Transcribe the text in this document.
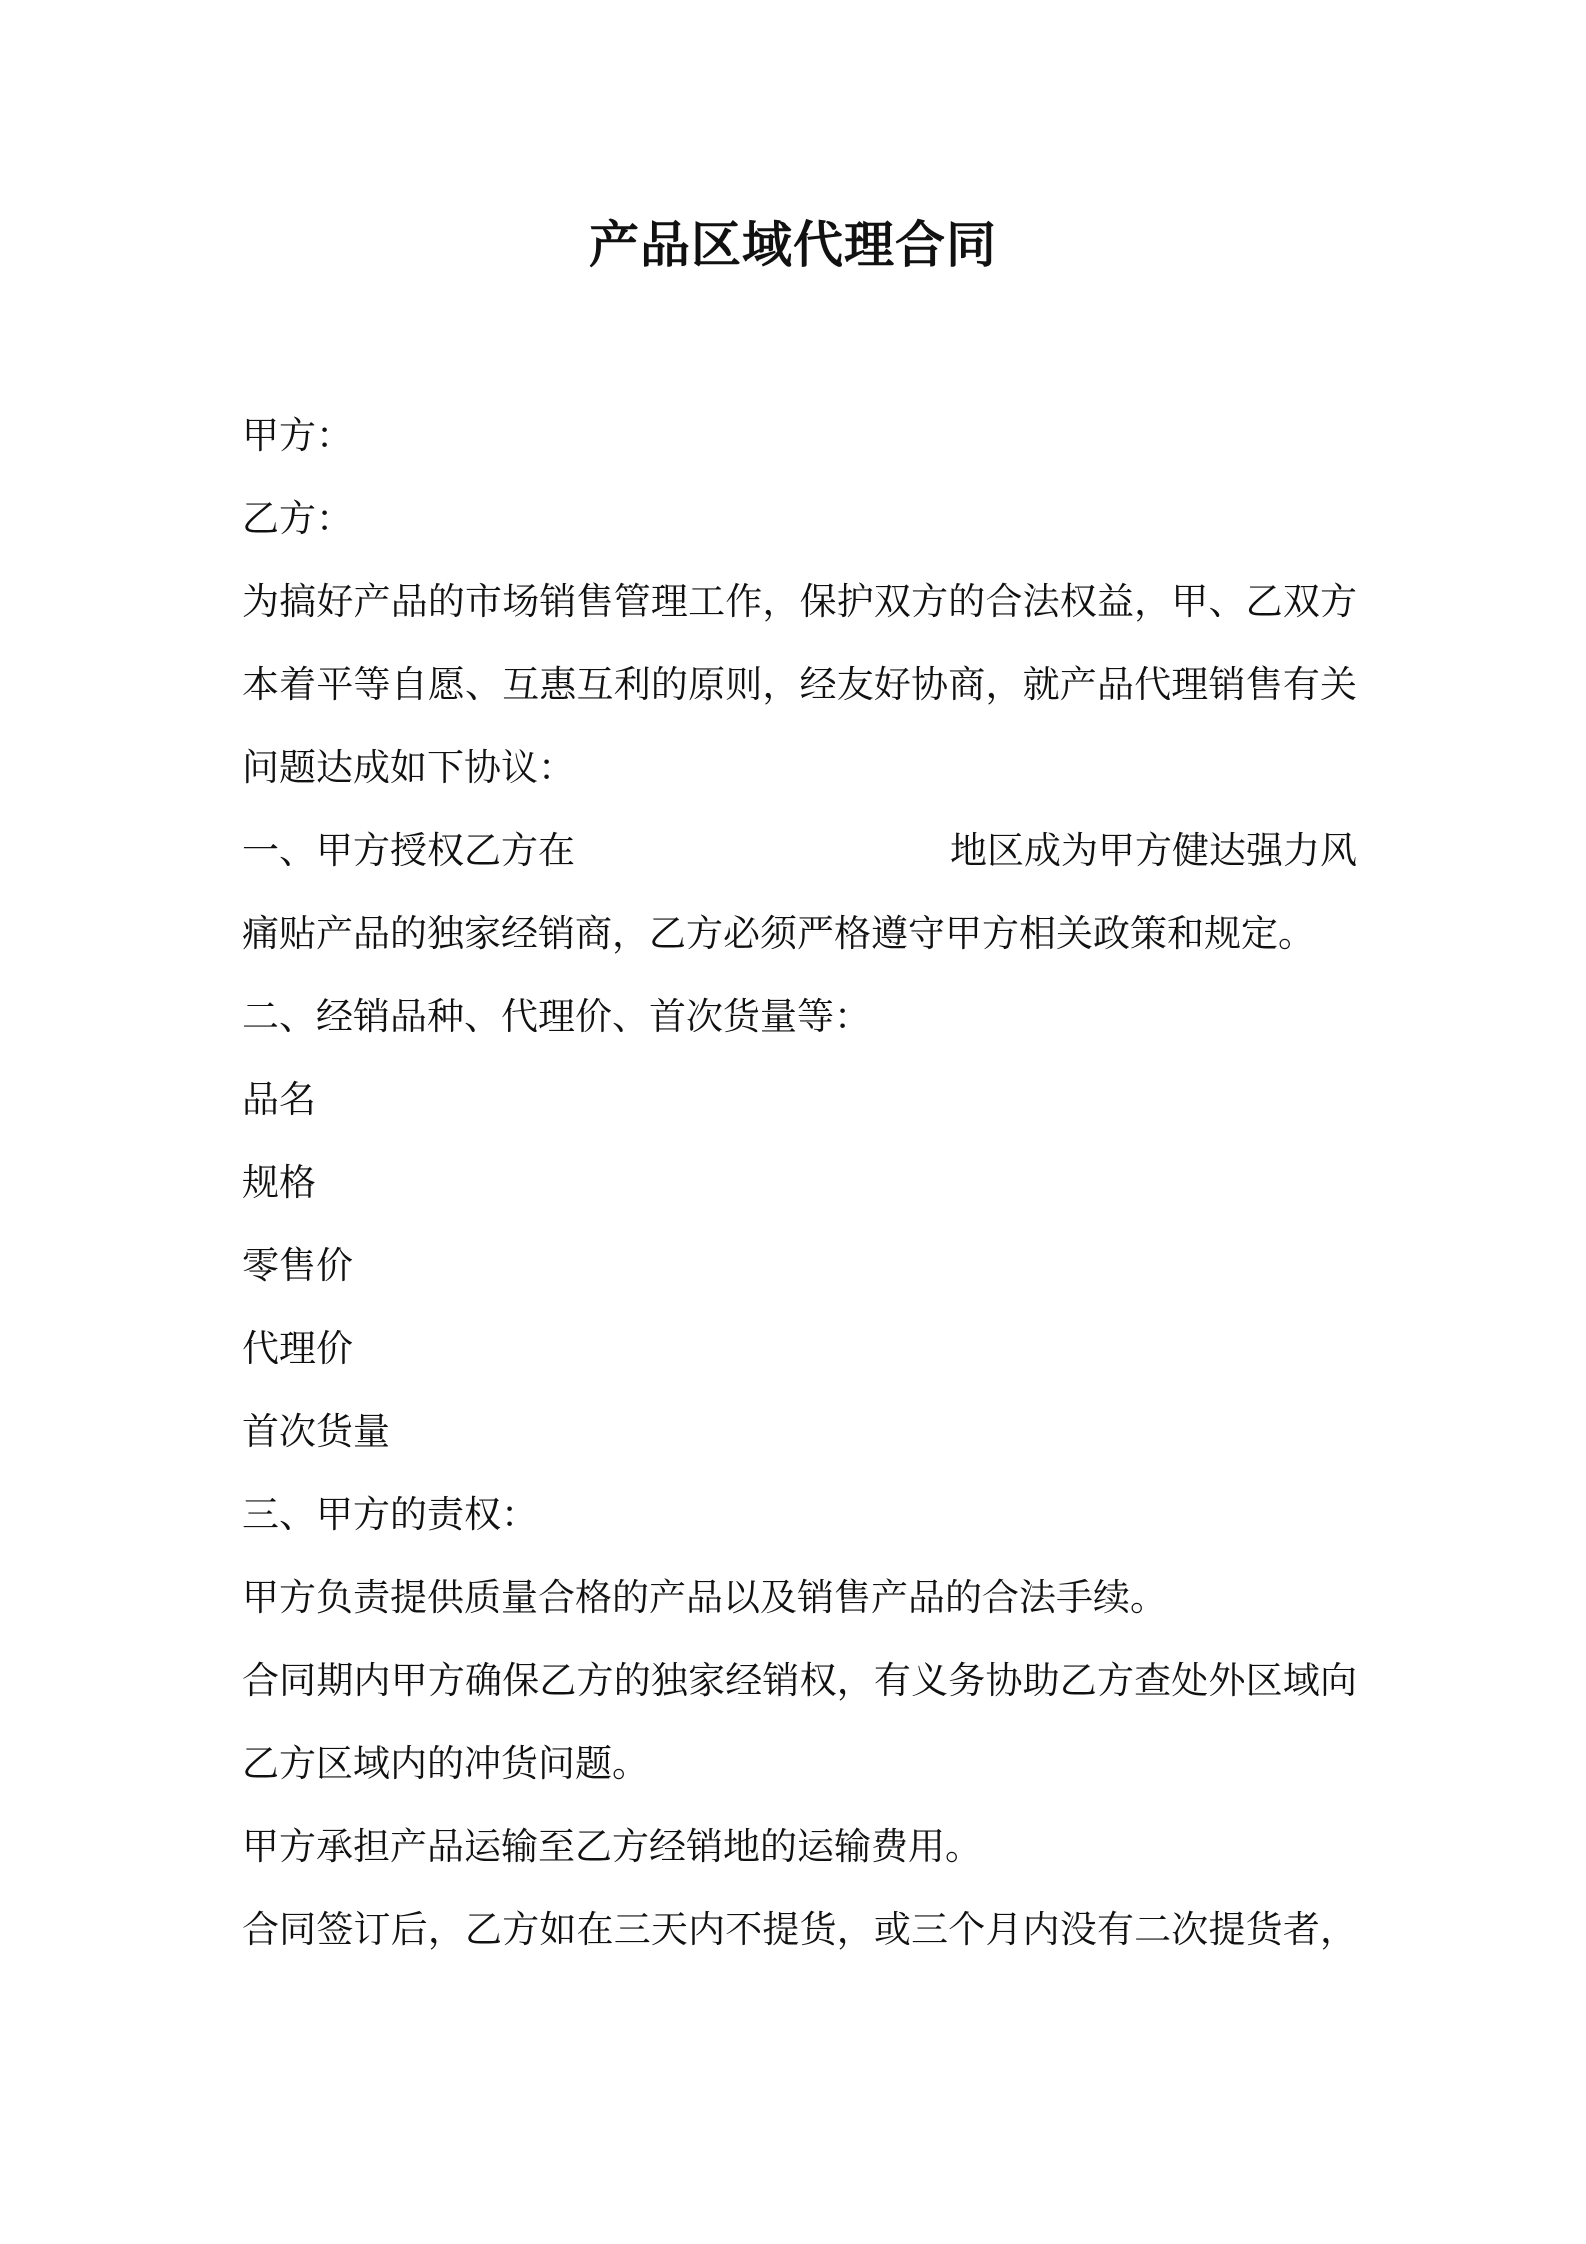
产品区域代理合同
甲方：
乙方：
为搞好产品的市场销售管理工作，保护双方的合法权益，甲、乙双方
本着平等自愿、互惠互利的原则，经友好协商，就产品代理销售有关
问题达成如下协议：
一、甲方授权乙方在	地区成为甲方健达强力风
痛贴产品的独家经销商，乙方必须严格遵守甲方相关政策和规定。
二、经销品种、代理价、首次货量等：
品名
规格
零售价
代理价
首次货量
三、甲方的责权：
甲方负责提供质量合格的产品以及销售产品的合法手续。
合同期内甲方确保乙方的独家经销权，有义务协助乙方查处外区域向
乙方区域内的冲货问题。
甲方承担产品运输至乙方经销地的运输费用。
合同签订后，乙方如在三天内不提货，或三个月内没有二次提货者，
